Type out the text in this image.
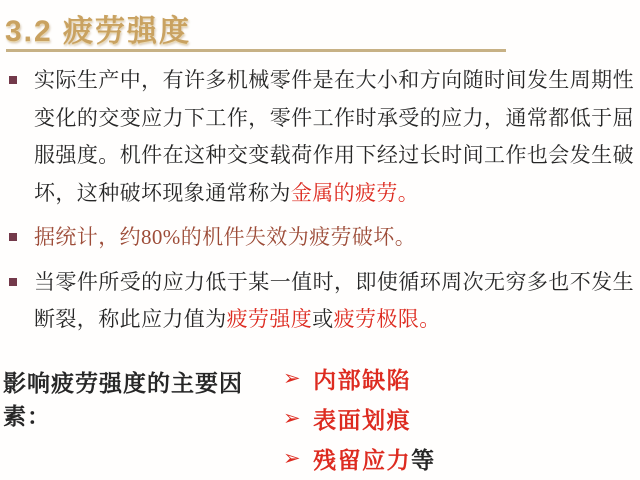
3.2 疲劳强度
实际生产中，有许多机械零件是在大小和方向随时间发生周期性变化的交变应力下工作，零件工作时承受的应力，通常都低于屈服强度。机件在这种交变载荷作用下经过长时间工作也会发生破坏，这种破坏现象通常称为金属的疲劳。
据统计，约80%的机件失效为疲劳破坏。
当零件所受的应力低于某一值时，即使循环周次无穷多也不发生断裂，称此应力值为疲劳强度或疲劳极限。
影响疲劳强度的主要因素：
➢ 内部缺陷
➢ 表面划痕
➢ 残留应力等
